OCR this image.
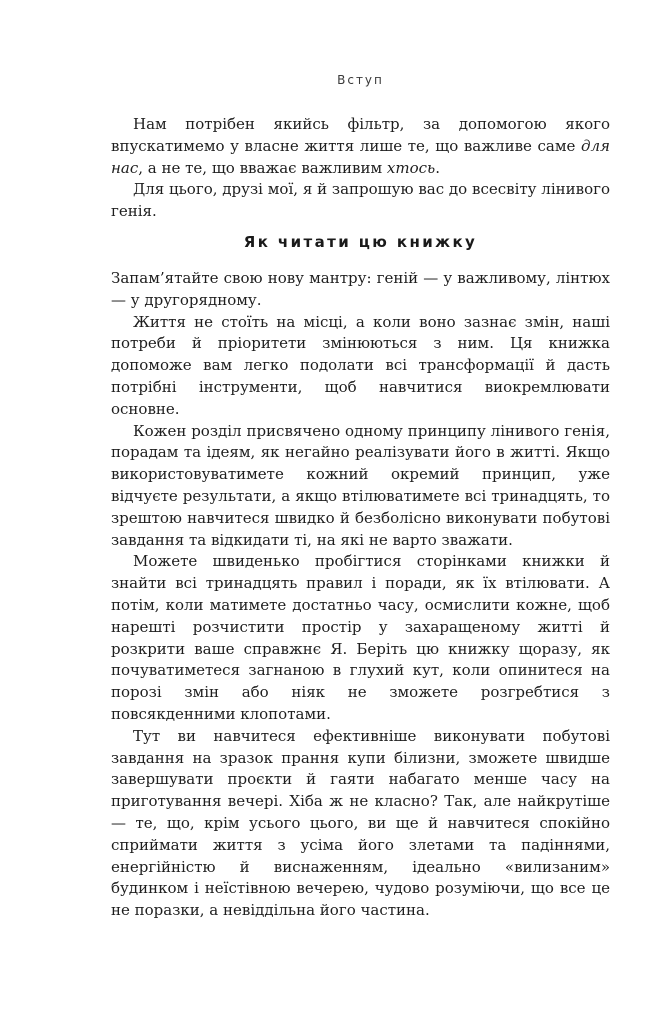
Вступ

Нам потрібен якийсь фільтр, за допомогою якого впускатимемо у власне життя лише те, що важливе саме для нас, а не те, що вважає важливим хтось.

Для цього, друзі мої, я й запрошую вас до всесвіту лінивого генія.

Як читати цю книжку

Запам’ятайте свою нову мантру: геній — у важливому, лінтюх — у другорядному.

Життя не стоїть на місці, а коли воно зазнає змін, наші потреби й пріоритети змінюються з ним. Ця книжка допоможе вам легко подолати всі трансформації й дасть потрібні інструменти, щоб навчитися виокремлювати основне.

Кожен розділ присвячено одному принципу лінивого генія, порадам та ідеям, як негайно реалізувати його в житті. Якщо використовуватимете кожний окремий принцип, уже відчуєте результати, а якщо втілюватимете всі тринадцять, то зрештою навчитеся швидко й безболісно виконувати побутові завдання та відкидати ті, на які не варто зважати.

Можете швиденько пробігтися сторінками книжки й знайти всі тринадцять правил і поради, як їх втілювати. А потім, коли матимете достатньо часу, осмислити кожне, щоб нарешті розчистити простір у захаращеному житті й розкрити ваше справжнє Я. Беріть цю книжку щоразу, як почуватиметеся загнаною в глухий кут, коли опинитеся на порозі змін або ніяк не зможете розгребтися з повсякденними клопотами.

Тут ви навчитеся ефективніше виконувати побутові завдання на зразок прання купи білизни, зможете швидше завершувати проєкти й гаяти набагато менше часу на приготування вечері. Хіба ж не класно? Так, але найкрутіше — те, що, крім усього цього, ви ще й навчитеся спокійно сприймати життя з усіма його злетами та падіннями, енергійністю й виснаженням, ідеально «вилизаним» будинком і неїстівною вечерею, чудово розуміючи, що все це не поразки, а невіддільна його частина.
